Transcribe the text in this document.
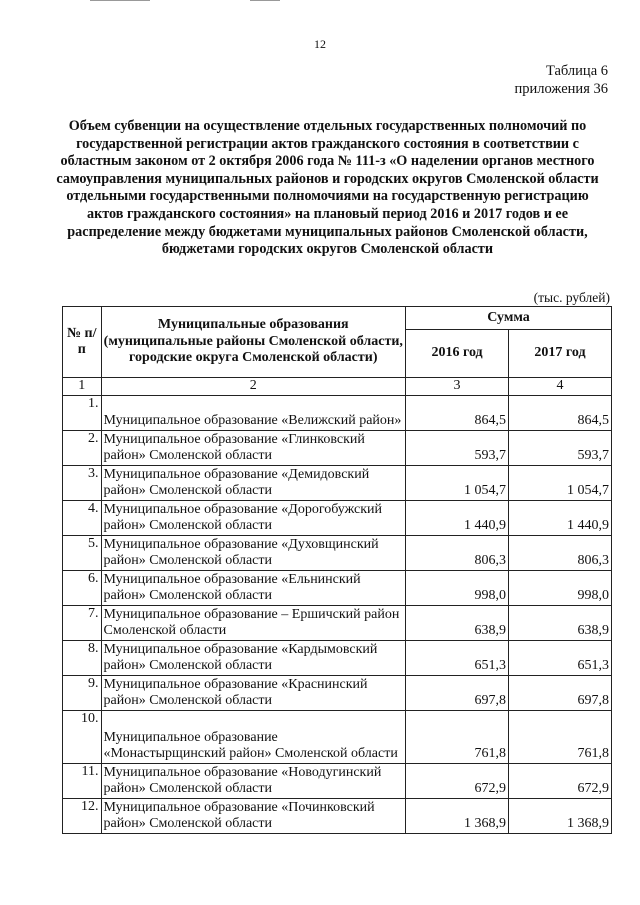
12
Таблица 6
приложения 36
Объем субвенции на осуществление отдельных государственных полномочий по государственной регистрации актов гражданского состояния в соответствии с областным законом от 2 октября 2006 года № 111-з «О наделении органов местного самоуправления муниципальных районов и городских округов Смоленской области отдельными государственными полномочиями на государственную регистрацию актов гражданского состояния» на плановый период 2016 и 2017 годов и ее распределение между бюджетами муниципальных районов Смоленской области, бюджетами городских округов Смоленской области
(тыс. рублей)
№ п/п	Муниципальные образования (муниципальные районы Смоленской области, городские округа Смоленской области)	Сумма	
		2016 год	2017 год
1	2	3	4
1.	Муниципальное образование «Велижский район»	864,5	864,5
2.	Муниципальное образование «Глинковский район» Смоленской области	593,7	593,7
3.	Муниципальное образование «Демидовский район» Смоленской области	1 054,7	1 054,7
4.	Муниципальное образование «Дорогобужский район» Смоленской области	1 440,9	1 440,9
5.	Муниципальное образование «Духовщинский район» Смоленской области	806,3	806,3
6.	Муниципальное образование «Ельнинский район» Смоленской области	998,0	998,0
7.	Муниципальное образование – Ершичский район Смоленской области	638,9	638,9
8.	Муниципальное образование «Кардымовский район» Смоленской области	651,3	651,3
9.	Муниципальное образование «Краснинский район» Смоленской области	697,8	697,8
10.	Муниципальное образование «Монастырщинский район» Смоленской области	761,8	761,8
11.	Муниципальное образование «Новодугинский район» Смоленской области	672,9	672,9
12.	Муниципальное образование «Починковский район» Смоленской области	1 368,9	1 368,9
